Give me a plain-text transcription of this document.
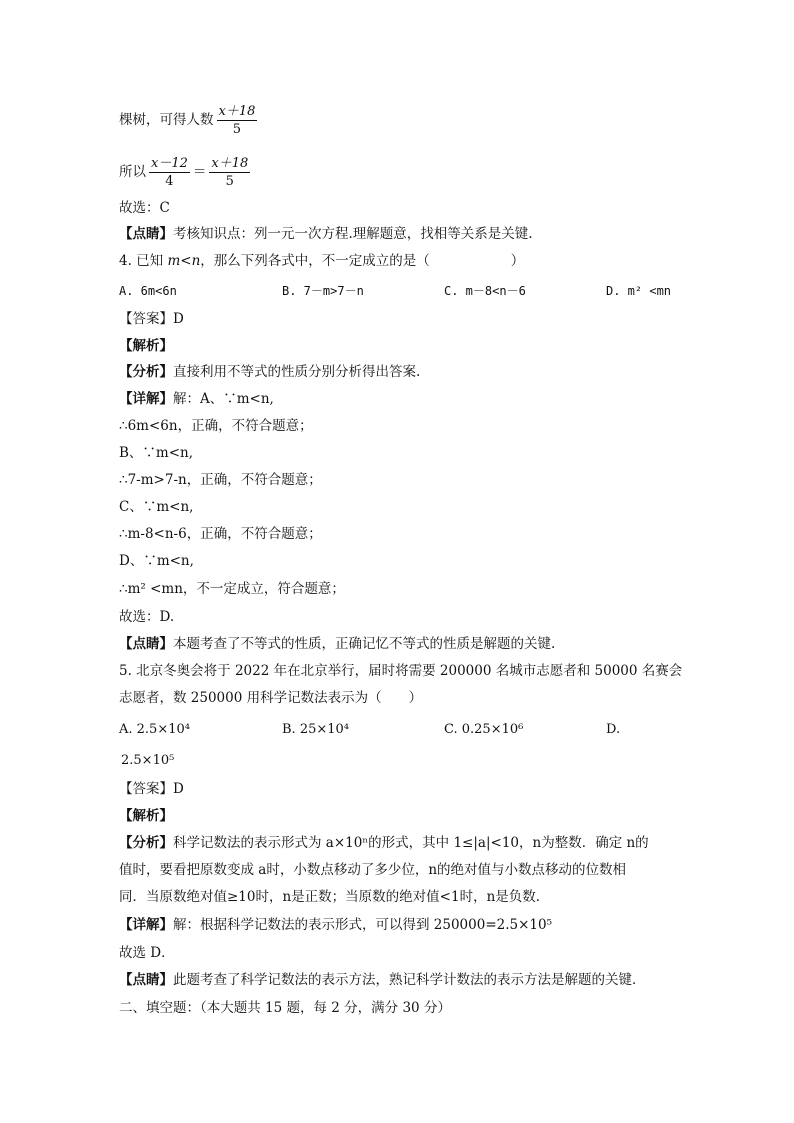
棵树，可得人数 $\frac{x+18}{5}$
所以 $\frac{x-12}{4} = \frac{x+18}{5}$
故选：C
【点睛】考核知识点：列一元一次方程.理解题意，找相等关系是关键.
4. 已知 m<n，那么下列各式中，不一定成立的是（　　　　　　）
A. 6m<6n	B. 7－m>7－n	C. m－8<n－6	D. m² <mn
【答案】D
【解析】
【分析】直接利用不等式的性质分别分析得出答案.
【详解】解：A、∵m<n,
∴6m<6n，正确，不符合题意；
B、∵m<n,
∴7-m>7-n，正确，不符合题意；
C、∵m<n,
∴m-8<n-6，正确，不符合题意；
D、∵m<n,
∴m² <mn，不一定成立，符合题意；
故选：D.
【点睛】本题考查了不等式的性质，正确记忆不等式的性质是解题的关键.
5. 北京冬奥会将于 2022 年在北京举行，届时将需要 200000 名城市志愿者和 50000 名赛会
志愿者，数 250000 用科学记数法表示为（　　）
A. 2.5×10⁴	B. 25×10⁴	C. 0.25×10⁶	D.
2.5×10⁵
【答案】D
【解析】
【分析】科学记数法的表示形式为 a×10ⁿ的形式，其中 1≤|a|<10，n为整数．确定 n的
值时，要看把原数变成 a时，小数点移动了多少位，n的绝对值与小数点移动的位数相
同．当原数绝对值≥10时，n是正数；当原数的绝对值<1时，n是负数．
【详解】解：根据科学记数法的表示形式，可以得到 250000=2.5×10⁵
故选 D．
【点睛】此题考查了科学记数法的表示方法，熟记科学计数法的表示方法是解题的关键．
二、填空题：（本大题共 15 题，每 2 分，满分 30 分）
